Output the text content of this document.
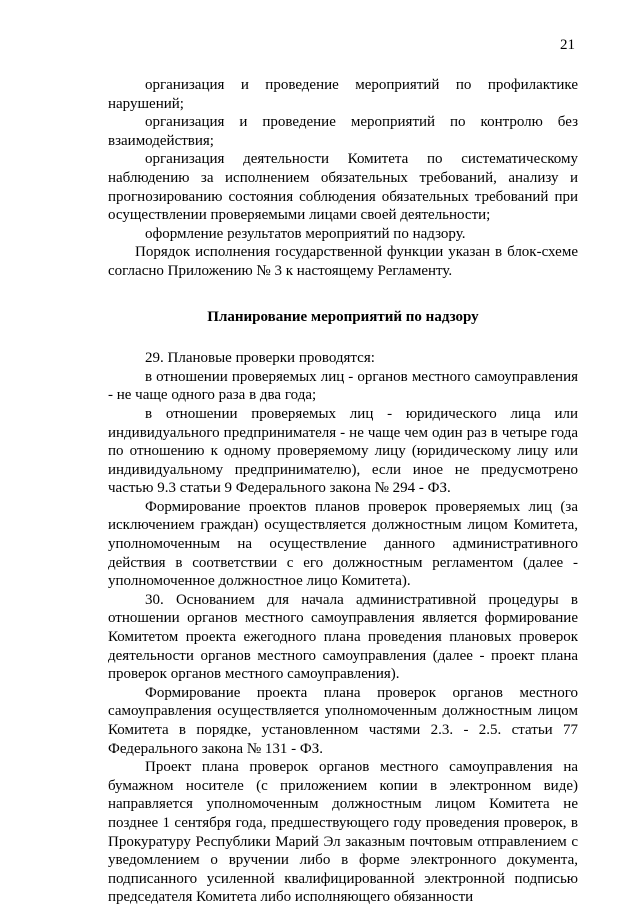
21

организация и проведение мероприятий по профилактике нарушений;

организация и проведение мероприятий по контролю без взаимодействия;

организация деятельности Комитета по систематическому наблюдению за исполнением обязательных требований, анализу и прогнозированию состояния соблюдения обязательных требований при осуществлении проверяемыми лицами своей деятельности;

оформление результатов мероприятий по надзору.

Порядок исполнения государственной функции указан в блок-схеме согласно Приложению № 3 к настоящему Регламенту.

Планирование мероприятий по надзору

29. Плановые проверки проводятся:

в отношении проверяемых лиц - органов местного самоуправления - не чаще одного раза в два года;

в отношении проверяемых лиц - юридического лица или индивидуального предпринимателя - не чаще чем один раз в четыре года по отношению к одному проверяемому лицу (юридическому лицу или индивидуальному предпринимателю), если иное не предусмотрено частью 9.3 статьи 9 Федерального закона № 294 - ФЗ.

Формирование проектов планов проверок проверяемых лиц (за исключением граждан) осуществляется должностным лицом Комитета, уполномоченным на осуществление данного административного действия в соответствии с его должностным регламентом (далее - уполномоченное должностное лицо Комитета).

30. Основанием для начала административной процедуры в отношении органов местного самоуправления является формирование Комитетом проекта ежегодного плана проведения плановых проверок деятельности органов местного самоуправления (далее - проект плана проверок органов местного самоуправления).

Формирование проекта плана проверок органов местного самоуправления осуществляется уполномоченным должностным лицом Комитета в порядке, установленном частями 2.3. - 2.5. статьи 77 Федерального закона № 131 - ФЗ.

Проект плана проверок органов местного самоуправления на бумажном носителе (с приложением копии в электронном виде) направляется уполномоченным должностным лицом Комитета не позднее 1 сентября года, предшествующего году проведения проверок, в Прокуратуру Республики Марий Эл заказным почтовым отправлением с уведомлением о вручении либо в форме электронного документа, подписанного усиленной квалифицированной электронной подписью председателя Комитета либо исполняющего обязанности
